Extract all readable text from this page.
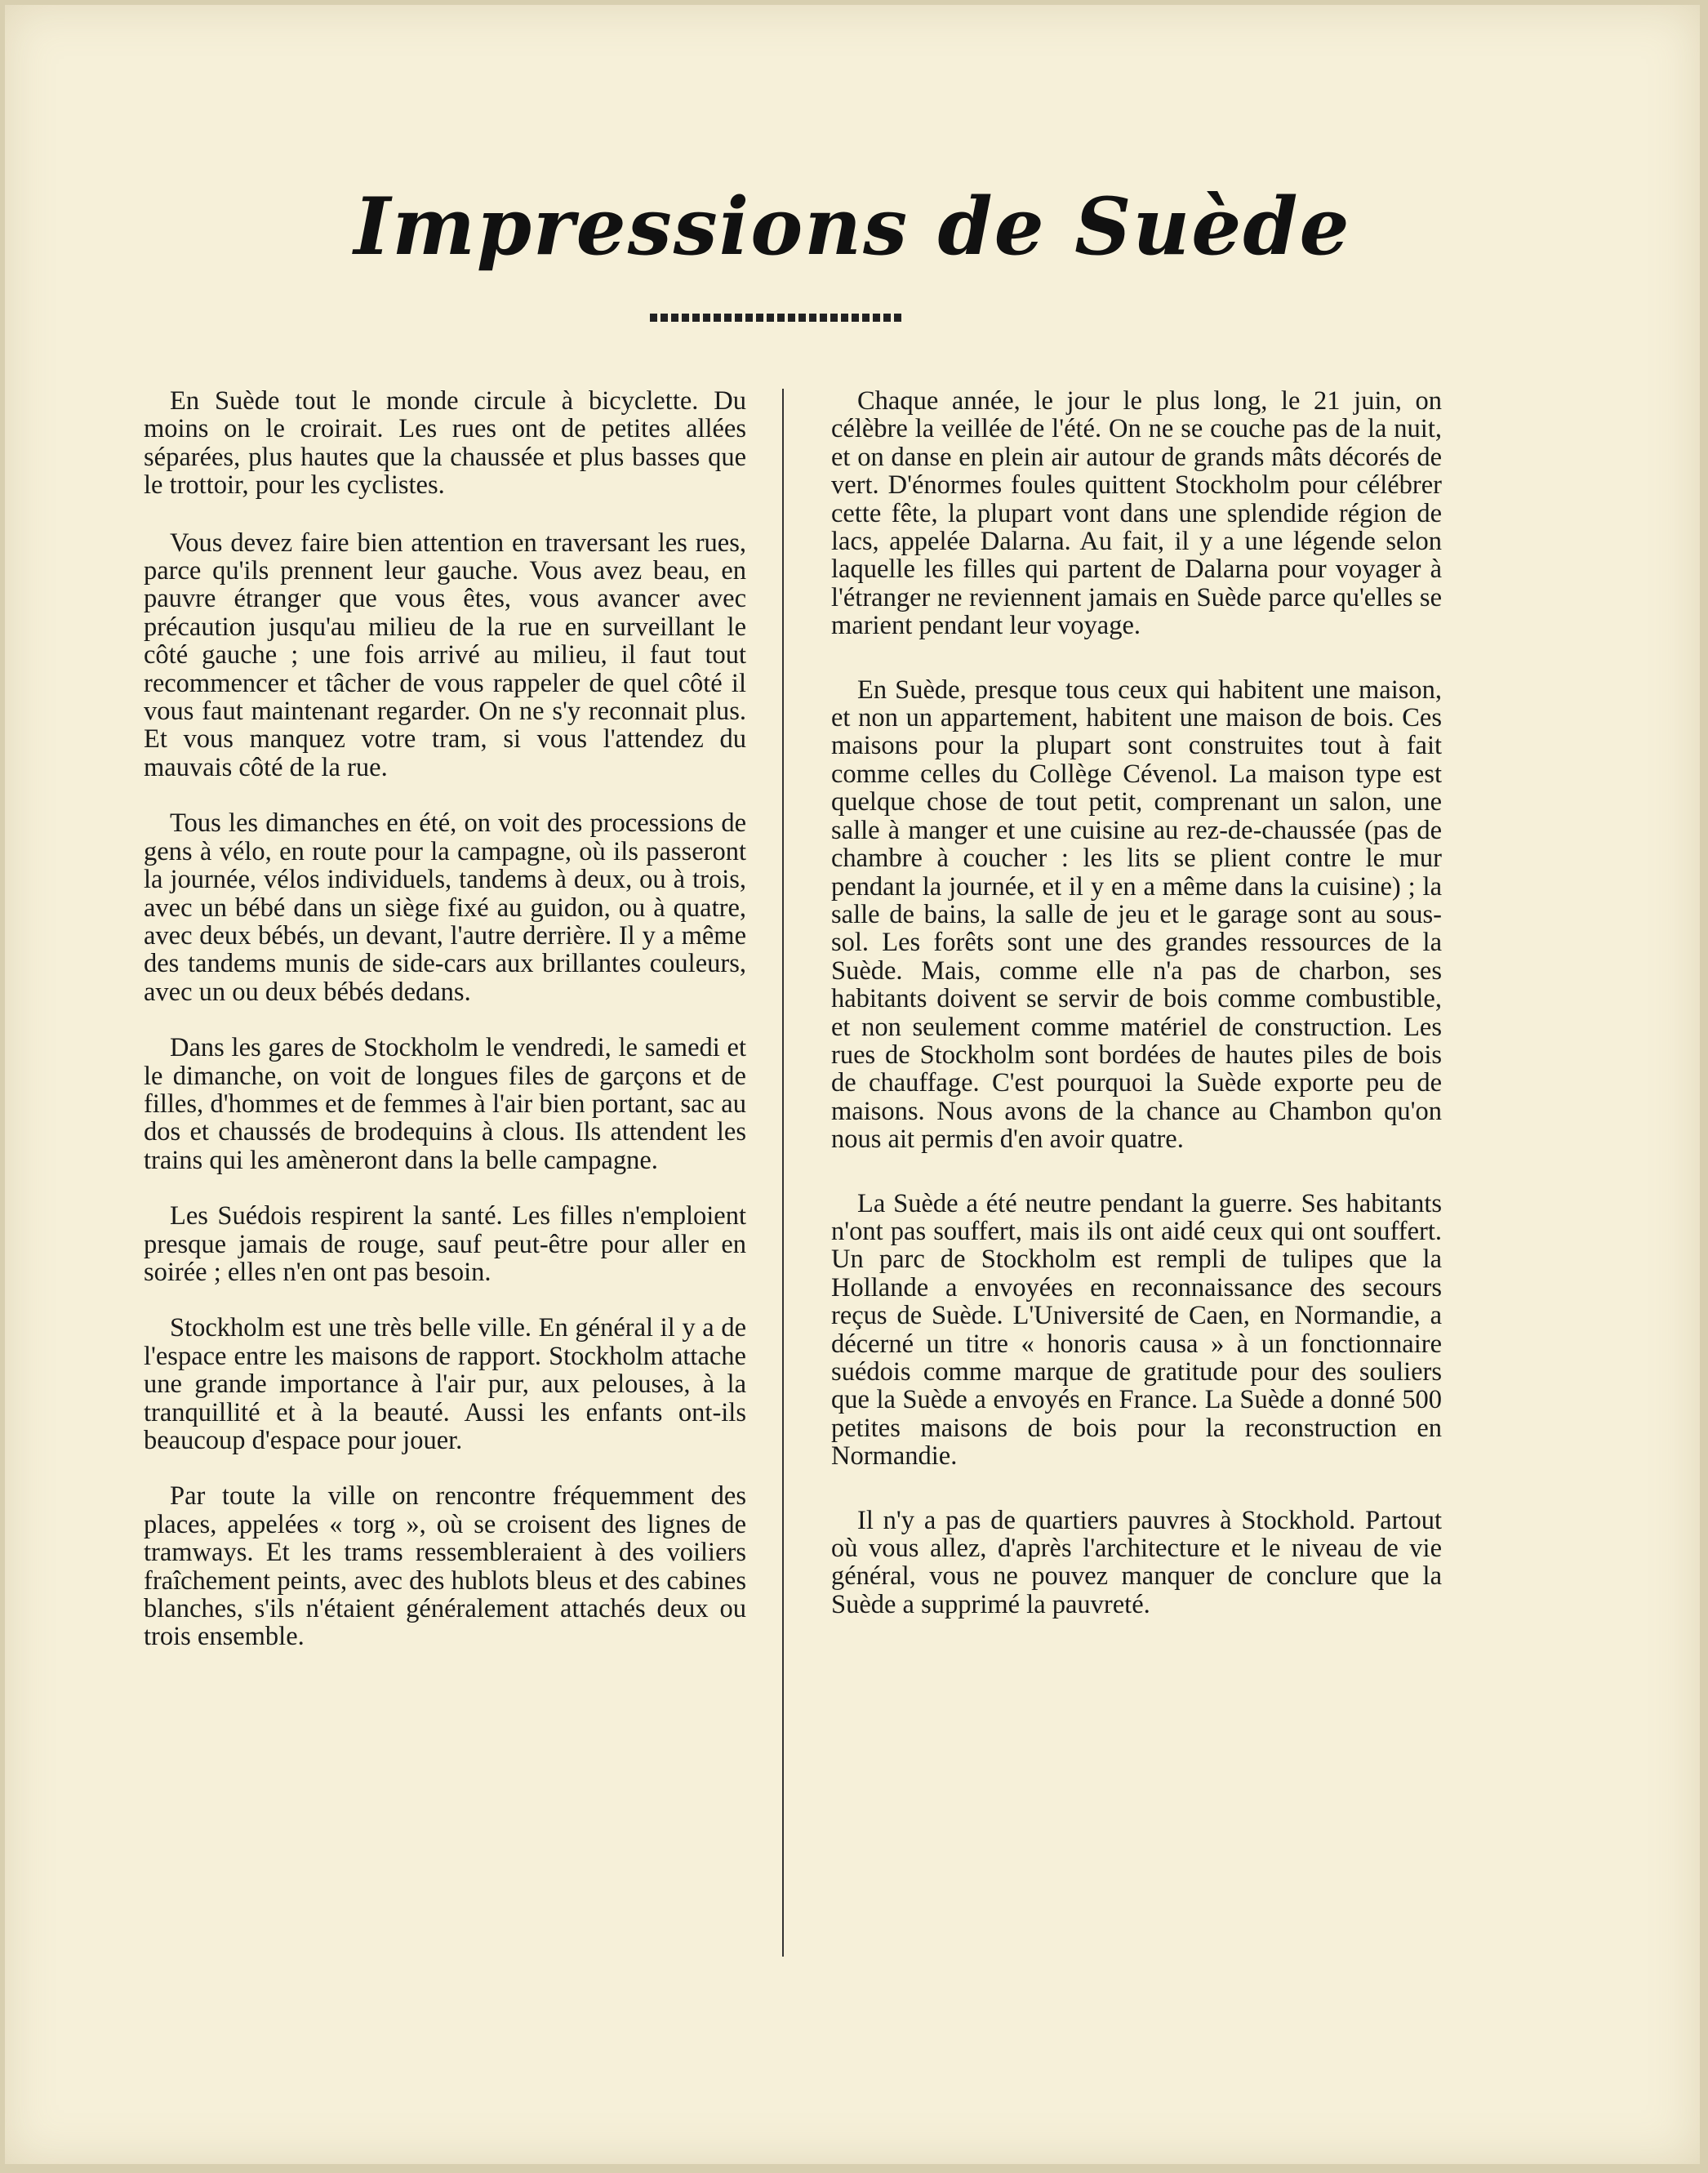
Impressions de Suède

En Suède tout le monde circule à bicyclette. Du moins on le croirait. Les rues ont de petites allées séparées, plus hautes que la chaussée et plus basses que le trottoir, pour les cyclistes.

Vous devez faire bien attention en traversant les rues, parce qu'ils prennent leur gauche. Vous avez beau, en pauvre étranger que vous êtes, vous avancer avec précaution jusqu'au milieu de la rue en surveillant le côté gauche ; une fois arrivé au milieu, il faut tout recommencer et tâcher de vous rappeler de quel côté il vous faut maintenant regarder. On ne s'y reconnait plus. Et vous manquez votre tram, si vous l'attendez du mauvais côté de la rue.

Tous les dimanches en été, on voit des processions de gens à vélo, en route pour la campagne, où ils passeront la journée, vélos individuels, tandems à deux, ou à trois, avec un bébé dans un siège fixé au guidon, ou à quatre, avec deux bébés, un devant, l'autre derrière. Il y a même des tandems munis de side-cars aux brillantes couleurs, avec un ou deux bébés dedans.

Dans les gares de Stockholm le vendredi, le samedi et le dimanche, on voit de longues files de garçons et de filles, d'hommes et de femmes à l'air bien portant, sac au dos et chaussés de brodequins à clous. Ils attendent les trains qui les amèneront dans la belle campagne.

Les Suédois respirent la santé. Les filles n'emploient presque jamais de rouge, sauf peut-être pour aller en soirée ; elles n'en ont pas besoin.

Stockholm est une très belle ville. En général il y a de l'espace entre les maisons de rapport. Stockholm attache une grande importance à l'air pur, aux pelouses, à la tranquillité et à la beauté. Aussi les enfants ont-ils beaucoup d'espace pour jouer.

Par toute la ville on rencontre fréquemment des places, appelées « torg », où se croisent des lignes de tramways. Et les trams ressembleraient à des voiliers fraîchement peints, avec des hublots bleus et des cabines blanches, s'ils n'étaient généralement attachés deux ou trois ensemble.

Chaque année, le jour le plus long, le 21 juin, on célèbre la veillée de l'été. On ne se couche pas de la nuit, et on danse en plein air autour de grands mâts décorés de vert. D'énormes foules quittent Stockholm pour célébrer cette fête, la plupart vont dans une splendide région de lacs, appelée Dalarna. Au fait, il y a une légende selon laquelle les filles qui partent de Dalarna pour voyager à l'étranger ne reviennent jamais en Suède parce qu'elles se marient pendant leur voyage.

En Suède, presque tous ceux qui habitent une maison, et non un appartement, habitent une maison de bois. Ces maisons pour la plupart sont construites tout à fait comme celles du Collège Cévenol. La maison type est quelque chose de tout petit, comprenant un salon, une salle à manger et une cuisine au rez-de-chaussée (pas de chambre à coucher : les lits se plient contre le mur pendant la journée, et il y en a même dans la cuisine) ; la salle de bains, la salle de jeu et le garage sont au sous-sol. Les forêts sont une des grandes ressources de la Suède. Mais, comme elle n'a pas de charbon, ses habitants doivent se servir de bois comme combustible, et non seulement comme matériel de construction. Les rues de Stockholm sont bordées de hautes piles de bois de chauffage. C'est pourquoi la Suède exporte peu de maisons. Nous avons de la chance au Chambon qu'on nous ait permis d'en avoir quatre.

La Suède a été neutre pendant la guerre. Ses habitants n'ont pas souffert, mais ils ont aidé ceux qui ont souffert. Un parc de Stockholm est rempli de tulipes que la Hollande a envoyées en reconnaissance des secours reçus de Suède. L'Université de Caen, en Normandie, a décerné un titre « honoris causa » à un fonctionnaire suédois comme marque de gratitude pour des souliers que la Suède a envoyés en France. La Suède a donné 500 petites maisons de bois pour la reconstruction en Normandie.

Il n'y a pas de quartiers pauvres à Stockhold. Partout où vous allez, d'après l'architecture et le niveau de vie général, vous ne pouvez manquer de conclure que la Suède a supprimé la pauvreté.
